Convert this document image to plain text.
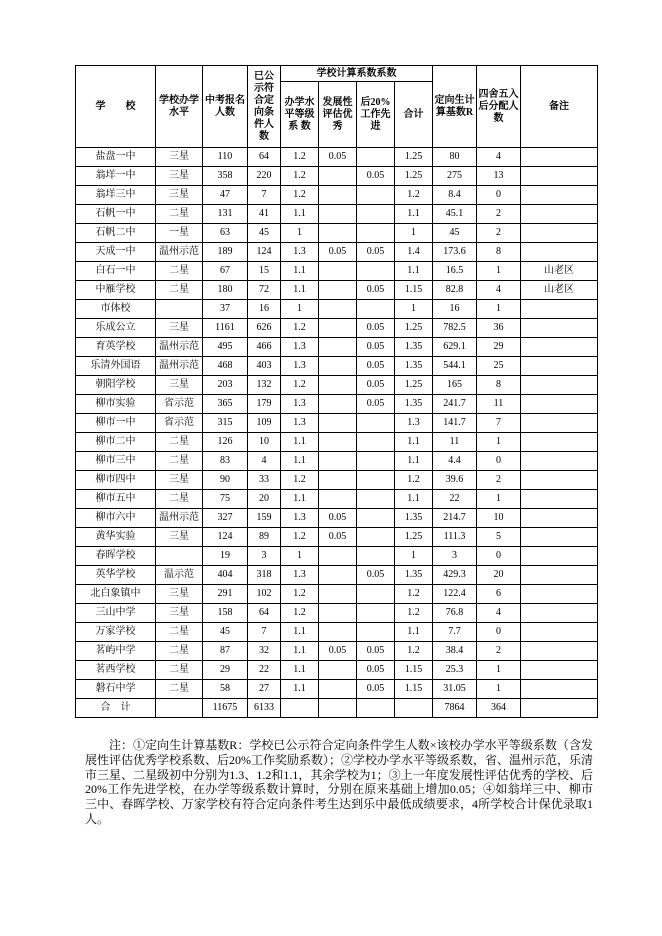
学　　校	学校办学水平	中考报名人数	已公示符合定向条件人数	学校计算系数系数				定向生计算基数R	四舍五入后分配人数	备注
				办学水平等级系 数	发展性评估优秀	后20%工作先进	合计			
盐盘一中	三星	110	64	1.2	0.05		1.25	80	4	
翁垟一中	三星	358	220	1.2		0.05	1.25	275	13	
翁垟三中	三星	47	7	1.2			1.2	8.4	0	
石帆一中	二星	131	41	1.1			1.1	45.1	2	
石帆二中	一星	63	45	1			1	45	2	
天成一中	温州示范	189	124	1.3	0.05	0.05	1.4	173.6	8	
白石一中	二星	67	15	1.1			1.1	16.5	1	山老区
中雁学校	二星	180	72	1.1		0.05	1.15	82.8	4	山老区
市体校		37	16	1			1	16	1	
乐成公立	三星	1161	626	1.2		0.05	1.25	782.5	36	
育英学校	温州示范	495	466	1.3		0.05	1.35	629.1	29	
乐清外国语	温州示范	468	403	1.3		0.05	1.35	544.1	25	
朝阳学校	三星	203	132	1.2		0.05	1.25	165	8	
柳市实验	省示范	365	179	1.3		0.05	1.35	241.7	11	
柳市一中	省示范	315	109	1.3			1.3	141.7	7	
柳市二中	二星	126	10	1.1			1.1	11	1	
柳市三中	二星	83	4	1.1			1.1	4.4	0	
柳市四中	三星	90	33	1.2			1.2	39.6	2	
柳市五中	二星	75	20	1.1			1.1	22	1	
柳市六中	温州示范	327	159	1.3	0.05		1.35	214.7	10	
黄华实验	三星	124	89	1.2	0.05		1.25	111.3	5	
春晖学校		19	3	1			1	3	0	
英华学校	温示范	404	318	1.3		0.05	1.35	429.3	20	
北白象镇中	三星	291	102	1.2			1.2	122.4	6	
三山中学	三星	158	64	1.2			1.2	76.8	4	
万家学校	二星	45	7	1.1			1.1	7.7	0	
茗屿中学	二星	87	32	1.1	0.05	0.05	1.2	38.4	2	
茗西学校	二星	29	22	1.1		0.05	1.15	25.3	1	
磐石中学	二星	58	27	1.1		0.05	1.15	31.05	1	
合　计		11675	6133					7864	364	
注：①定向生计算基数R：学校已公示符合定向条件学生人数×该校办学水平等级系数（含发展性评估优秀学校系数、后20%工作奖励系数）；②学校办学水平等级系数，省、温州示范，乐清市三星、二星级初中分别为1.3、1.2和1.1，其余学校为1；③上一年度发展性评估优秀的学校、后20%工作先进学校，在办学等级系数计算时，分别在原来基础上增加0.05；④如翁垟三中、柳市三中、春晖学校、万家学校有符合定向条件考生达到乐中最低成绩要求，4所学校合计保优录取1人。
